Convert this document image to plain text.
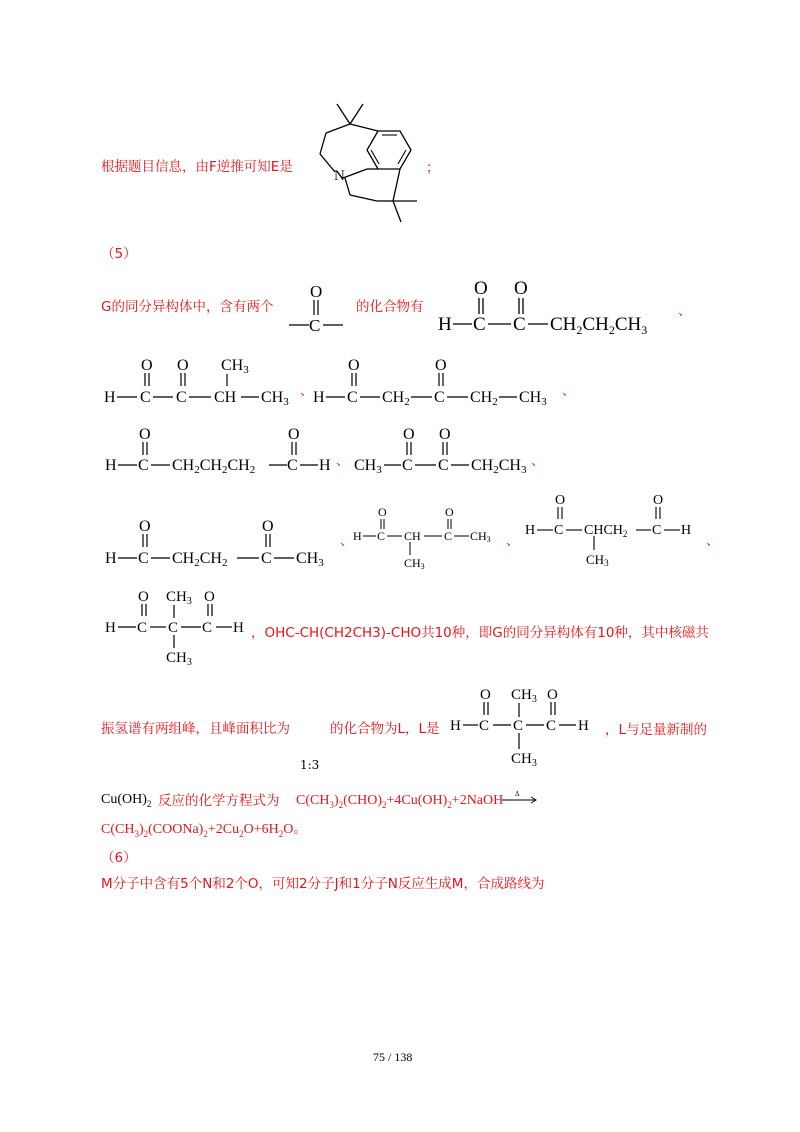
根据题目信息，由F逆推可知E是
N	；
（5）
G的同分异构体中，含有两个
O
C
的化合物有
O O
H C C $CH_2CH_2CH_3$
、
O O CH3
H C C CH CH3
、
O	O
H C CH2 C CH2 CH3
、
O	O
H C CH2CH2CH2 C H 、
O O
CH3 C C CH2CH3
、
O	O
H C CH2CH2 C CH3
、
O	O
H C CH
CH3
C CH3 、
O	O
H C $CHCH_2$
CH3
C H
、
O $CH_3$ O
H C C C H
$CH_3$
，OHC-CH(CH2CH3)-CHO共10种，即G的同分异构体有10种，其中核磁共
振氢谱有两组峰，且峰面积比为
1:3
的化合物为L，L是
O $CH_3$ O
H C C C H
$CH_3$
，L与足量新制的
$Cu(OH)_2$ 反应的化学方程式为 $C(CH_3)_2(CHO)_2+4Cu(OH)_2+2NaOH$ Δ
$C(CH_3)_2(COONa)_2+2Cu_2O+6H_2O$。
（6）
M分子中含有5个N和2个O，可知2分子J和1分子N反应生成M，合成路线为
75 / 138
